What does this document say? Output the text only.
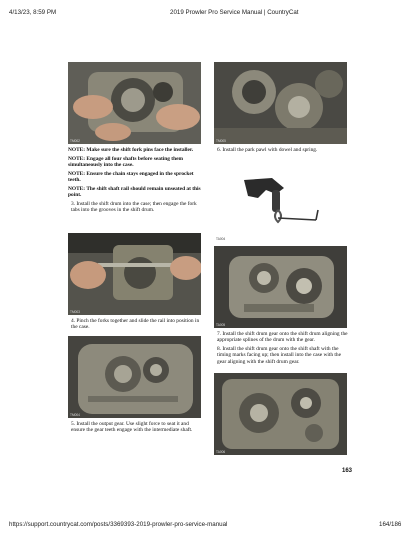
4/13/23, 8:59 PM	2019 Prowler Pro Service Manual | CountryCat
TM002
NOTE: Make sure the shift fork pins face the installer.
NOTE: Engage all four shafts before seating them simultaneously into the case.
NOTE: Ensure the chain stays engaged in the sprocket teeth.
NOTE: The shift shaft rail should remain unseated at this point.
3. Install the shift drum into the case; then engage the fork tabs into the grooves in the shift drum.
TM003
4. Pinch the forks together and slide the rail into position in the case.
TM004
5. Install the output gear. Use slight force to seat it and ensure the gear teeth engage with the intermediate shaft.
TM005
6. Install the park pawl with dowel and spring.
TA004
TA005
7. Install the shift drum gear onto the shift drum aligning the appropriate splines of the drum with the gear.
8. Install the shift drum gear onto the shift shaft with the timing marks facing up; then install into the case with the gear aligning with the shift drum gear.
TA006
163
https://support.countrycat.com/posts/3369393-2019-prowler-pro-service-manual	164/186
